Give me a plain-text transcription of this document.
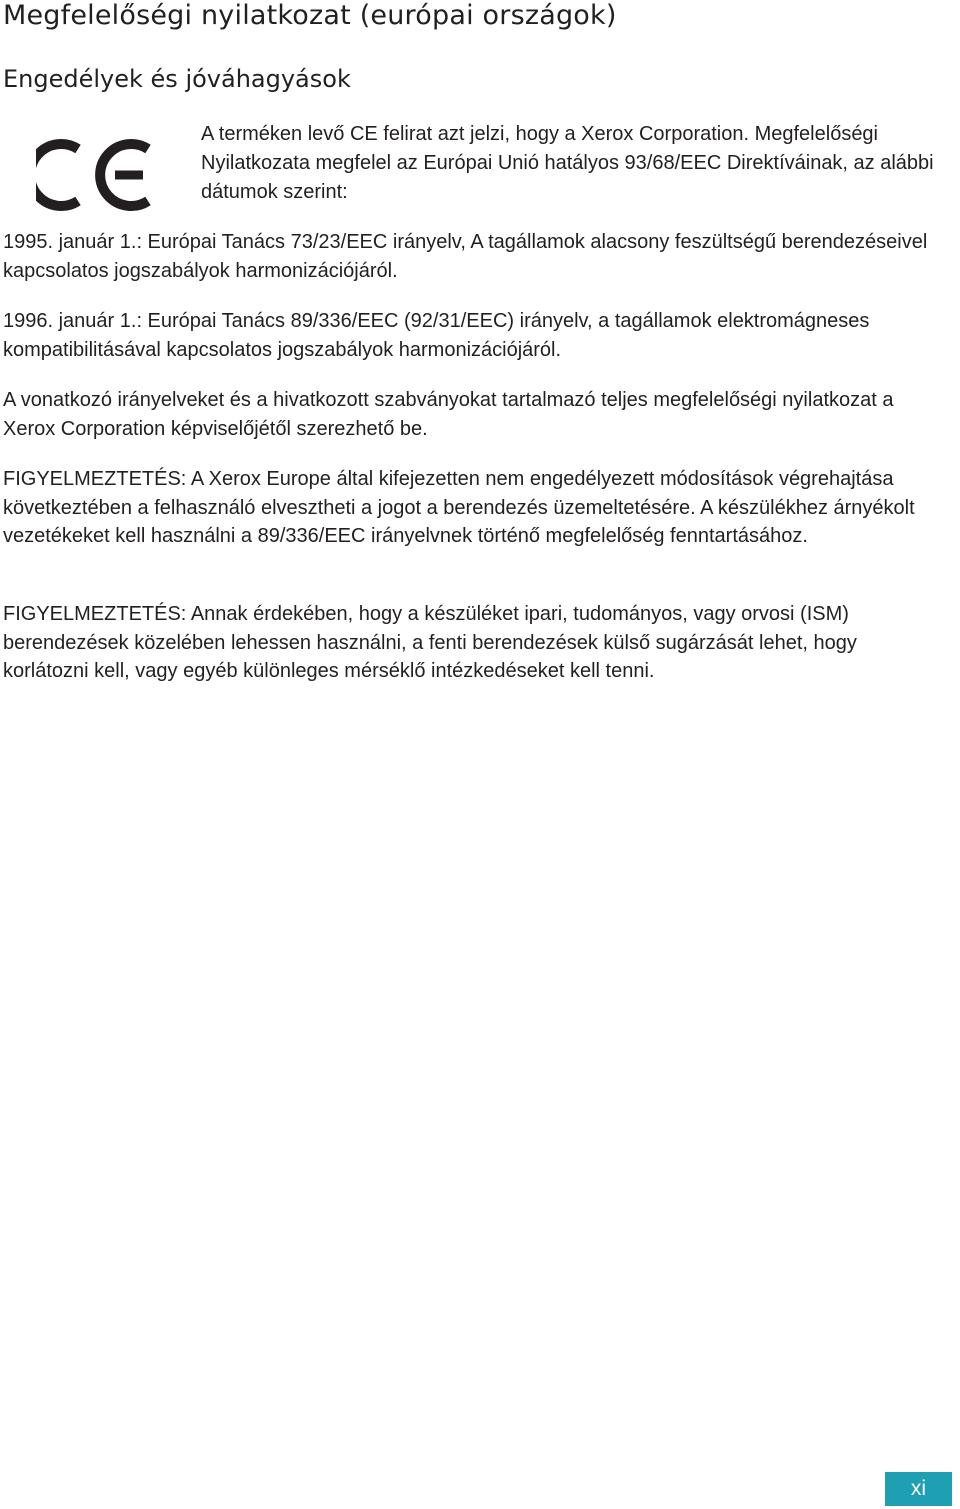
Megfelelőségi nyilatkozat (európai országok)
Engedélyek és jóváhagyások

A terméken levő CE felirat azt jelzi, hogy a Xerox Corporation. Megfelelőségi Nyilatkozata megfelel az Európai Unió hatályos 93/68/EEC Direktíváinak, az alábbi dátumok szerint:

1995. január 1.: Európai Tanács 73/23/EEC irányelv, A tagállamok alacsony feszültségű berendezéseivel kapcsolatos jogszabályok harmonizációjáról.

1996. január 1.: Európai Tanács 89/336/EEC (92/31/EEC) irányelv, a tagállamok elektromágneses kompatibilitásával kapcsolatos jogszabályok harmonizációjáról.

A vonatkozó irányelveket és a hivatkozott szabványokat tartalmazó teljes megfelelőségi nyilatkozat a Xerox Corporation képviselőjétől szerezhető be.

FIGYELMEZTETÉS: A Xerox Europe által kifejezetten nem engedélyezett módosítások végrehajtása következtében a felhasználó elvesztheti a jogot a berendezés üzemeltetésére. A készülékhez árnyékolt vezetékeket kell használni a 89/336/EEC irányelvnek történő megfelelőség fenntartásához.

FIGYELMEZTETÉS: Annak érdekében, hogy a készüléket ipari, tudományos, vagy orvosi (ISM) berendezések közelében lehessen használni, a fenti berendezések külső sugárzását lehet, hogy korlátozni kell, vagy egyéb különleges mérséklő intézkedéseket kell tenni.

xi
